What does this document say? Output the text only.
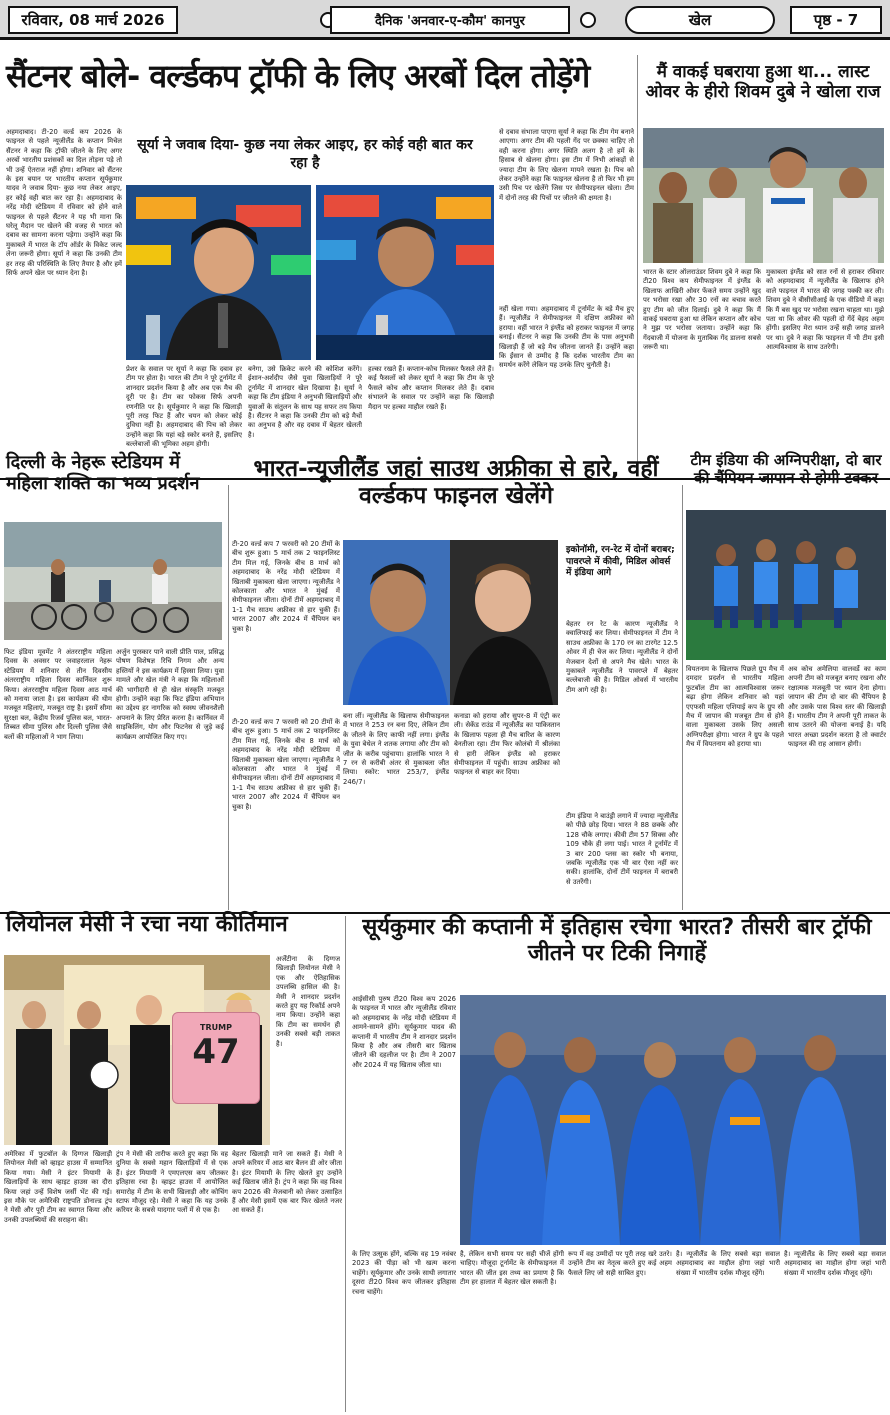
रविवार, 08 मार्च 2026	दैनिक 'अनवार-ए-कौम' कानपुर	खेल	पृष्ठ - 7
सैंटनर बोले- वर्ल्डकप ट्रॉफी के लिए अरबों दिल तोड़ेंगे
सूर्या ने जवाब दिया- कुछ नया लेकर आइए, हर कोई वही बात कर रहा है
अहमदाबाद। टी-20 वर्ल्ड कप 2026 के फाइनल से पहले न्यूजीलैंड के कप्तान मिचेल सैंटनर ने कहा कि ट्रॉफी जीतने के लिए अगर अरबों भारतीय प्रशंसकों का दिल तोड़ना पड़े तो भी उन्हें ऐतराज नहीं होगा। शनिवार को सैंटनर के इस बयान पर भारतीय कप्तान सूर्यकुमार यादव ने जवाब दिया- कुछ नया लेकर आइए, हर कोई वही बात कर रहा है। अहमदाबाद के नरेंद्र मोदी स्टेडियम में रविवार को होने वाले फाइनल से पहले सैंटनर ने यह भी माना कि घरेलू मैदान पर खेलने की वजह से भारत को दबाव का सामना करना पड़ेगा। उन्होंने कहा कि मुकाबले में भारत के टॉप ऑर्डर के विकेट जल्द लेना जरूरी होगा। सूर्या ने कहा कि उनकी टीम हर तरह की परिस्थिति के लिए तैयार है और हमें सिर्फ अपने खेल पर ध्यान देना है।
प्रेशर के सवाल पर सूर्या ने कहा कि दबाव हर टीम पर होता है। भारत की टीम ने पूरे टूर्नामेंट में शानदार प्रदर्शन किया है और अब एक मैच की दूरी पर है। टीम का फोकस सिर्फ अपनी रणनीति पर है। सूर्यकुमार ने कहा कि खिलाड़ी पूरी तरह फिट हैं और चयन को लेकर कोई दुविधा नहीं है। अहमदाबाद की पिच को लेकर उन्होंने कहा कि यहां बड़े स्कोर बनते हैं, इसलिए बल्लेबाजों की भूमिका अहम होगी।
बनेगा, उसे क्रिकेट करने की कोशिश करेंगे। ईशान-अर्शदीप जैसे युवा खिलाड़ियों ने पूरे टूर्नामेंट में शानदार खेल दिखाया है। सूर्या ने कहा कि टीम इंडिया ने अनुभवी खिलाड़ियों और युवाओं के संतुलन के साथ यह सफर तय किया है। सैंटनर ने कहा कि उनकी टीम को बड़े मैचों का अनुभव है और वह दबाव में बेहतर खेलती है।
हल्का रखते हैं। कप्तान-कोच मिलकर फैसले लेते हैं। कई फैसलों को लेकर सूर्या ने कहा कि टीम के पूरे फैसले कोच और कप्तान मिलकर लेते हैं। दबाव संभालने के सवाल पर उन्होंने कहा कि खिलाड़ी मैदान पर हल्का माहौल रखते हैं।
से दबाव संभाला पाएगा सूर्या ने कहा कि टीम गेम बनाने आएगा। अगर टीम की पहली गेंद पर छक्का चाहिए तो वही करना होगा। अगर स्थिति अलग है तो हमें के हिसाब से खेलना होगा। इस टीम में निभी आंकड़ों से ज्यादा टीम के लिए खेलना मायने रखता है। पिच को लेकर उन्होंने कहा कि फाइनल खेलना है तो फिर भी हम उसी पिच पर खेलेंगे जिस पर सेमीफाइनल खेला। टीम में दोनों तरह की पिचों पर जीतने की क्षमता है।
नहीं खेला गया। अहमदाबाद में टूर्नामेंट के बड़े मैच हुए हैं। न्यूजीलैंड ने सेमीफाइनल में दक्षिण अफ्रीका को हराया। वहीं भारत ने इंग्लैंड को हराकर फाइनल में जगह बनाई। सैंटनर ने कहा कि उनकी टीम के पास अनुभवी खिलाड़ी हैं जो बड़े मैच जीतना जानते हैं। उन्होंने कहा कि ईंसान से उम्मीद है कि दर्शक भारतीय टीम का समर्थन करेंगे लेकिन यह उनके लिए चुनौती है।
मैं वाकई घबराया हुआ था... लास्ट ओवर के हीरो शिवम दुबे ने खोला राज
भारत के स्टार ऑलराउंडर शिवम दुबे ने कहा कि टी20 विश्व कप सेमीफाइनल में इंग्लैंड के खिलाफ आखिरी ओवर फेंकते समय उन्होंने खुद पर भरोसा रखा और 30 रनों का बचाव करते हुए टीम को जीत दिलाई। दुबे ने कहा कि मैं वाकई घबराया हुआ था लेकिन कप्तान और कोच ने मुझ पर भरोसा जताया। उन्होंने कहा कि गेंदबाजी में योजना के मुताबिक गेंद डालना सबसे जरूरी था।
मुकाबला इंग्लैंड को सात रनों से हराकर रविवार को अहमदाबाद में न्यूजीलैंड के खिलाफ होने वाले फाइनल में भारत की जगह पक्की कर ली। शिवम दुबे ने बीसीसीआई के एक वीडियो में कहा कि मैं बस खुद पर भरोसा रखना चाहता था। मुझे पता था कि ओवर की पहली दो गेंदें बेहद अहम होंगी। इसलिए मेरा ध्यान उन्हें सही जगह डालने पर था। दुबे ने कहा कि फाइनल में भी टीम इसी आत्मविश्वास के साथ उतरेगी।
दिल्ली के नेहरू स्टेडियम में महिला शक्ति का भव्य प्रदर्शन
फिट इंडिया मूवमेंट ने अंतरराष्ट्रीय महिला दिवस के अवसर पर जवाहरलाल नेहरू स्टेडियम में शनिवार से तीन दिवसीय अंतरराष्ट्रीय महिला दिवस कार्निवल शुरू किया। अंतरराष्ट्रीय महिला दिवस आठ मार्च को मनाया जाता है। इस कार्यक्रम की थीम मजबूत महिलाएं, मजबूत राष्ट्र है। इसमें सीमा सुरक्षा बल, केंद्रीय रिजर्व पुलिस बल, भारत-तिब्बत सीमा पुलिस और दिल्ली पुलिस जैसे बलों की महिलाओं ने भाग लिया।
अर्जुन पुरस्कार पाने वाली प्रीति पाल, प्रसिद्ध पोषण विशेषज्ञ रिचि निगम और अन्य हस्तियों ने इस कार्यक्रम में हिस्सा लिया। युवा मामले और खेल मंत्री ने कहा कि महिलाओं की भागीदारी से ही खेल संस्कृति मजबूत होगी। उन्होंने कहा कि फिट इंडिया अभियान का उद्देश्य हर नागरिक को स्वस्थ जीवनशैली अपनाने के लिए प्रेरित करना है। कार्निवल में साइकिलिंग, योग और फिटनेस से जुड़े कई कार्यक्रम आयोजित किए गए।
भारत-न्यूजीलैंड जहां साउथ अफ्रीका से हारे, वहीं वर्ल्डकप फाइनल खेलेंगे
टी-20 वर्ल्ड कप 7 फरवरी को 20 टीमों के बीच शुरू हुआ। 5 मार्च तक 2 फाइनलिस्ट टीम मिल गई, जिनके बीच 8 मार्च को अहमदाबाद के नरेंद्र मोदी स्टेडियम में खिताबी मुकाबला खेला जाएगा। न्यूजीलैंड ने कोलकाता और भारत ने मुंबई में सेमीफाइनल जीता। दोनों टीमें अहमदाबाद में 1-1 मैच साउथ अफ्रीका से हार चुकी हैं। भारत 2007 और 2024 में चैंपियन बन चुका है।
बना लीं। न्यूजीलैंड के खिलाफ सेमीफाइनल में भारत ने 253 रन बना दिए, लेकिन टीम के जीतने के लिए काफी नहीं लगा। इंग्लैंड के युवा बेथेल ने शतक लगाया और टीम को जीत के करीब पहुंचाया। हालांकि भारत ने 7 रन से करीबी अंतर से मुकाबला जीत लिया। स्कोर: भारत 253/7, इंग्लैंड 246/7।
कनाडा को हराया और सुपर-8 में एंट्री कर ली। सेकेंड राउंड में न्यूजीलैंड का पाकिस्तान के खिलाफ पहला ही मैच बारिश के कारण बेनतीजा रहा। टीम फिर कोलंबो में श्रीलंका से हारी लेकिन इंग्लैंड को हराकर सेमीफाइनल में पहुंची। साउथ अफ्रीका को फाइनल से बाहर कर दिया।
टी-20 वर्ल्ड कप 7 फरवरी को 20 टीमों के बीच शुरू हुआ। 5 मार्च तक 2 फाइनलिस्ट टीम मिल गई, जिनके बीच 8 मार्च को अहमदाबाद के नरेंद्र मोदी स्टेडियम में खिताबी मुकाबला खेला जाएगा। न्यूजीलैंड ने कोलकाता और भारत ने मुंबई में सेमीफाइनल जीता। दोनों टीमें अहमदाबाद में 1-1 मैच साउथ अफ्रीका से हार चुकी हैं। भारत 2007 और 2024 में चैंपियन बन चुका है।
इकोनॉमी, रन-रेट में दोनों बराबर; पावरप्ले में कीवी, मिडिल ओवर्स में इंडिया आगे
बेहतर रन रेट के कारण न्यूजीलैंड ने क्वालिफाई कर लिया। सेमीफाइनल में टीम ने साउथ अफ्रीका के 170 रन का टारगेट 12.5 ओवर में ही चेज कर लिया। न्यूजीलैंड ने दोनों मेजबान देशों से अपने मैच खेले। भारत के मुकाबले न्यूजीलैंड ने पावरप्ले में बेहतर बल्लेबाजी की है। मिडिल ओवर्स में भारतीय टीम आगे रही है।
टीम इंडिया ने बाउंड्री लगाने में ज्यादा न्यूजीलैंड को पीछे छोड़ दिया। भारत ने 88 छक्के और 128 चौके लगाए। कीवी टीम 57 सिक्स और 109 चौके ही लगा पाई। भारत ने टूर्नामेंट में 3 बार 200 प्लस का स्कोर भी बनाया, जबकि न्यूजीलैंड एक भी बार ऐसा नहीं कर सकी। हालांकि, दोनों टीमें फाइनल में बराबरी से उतरेंगी।
टीम इंडिया की अग्निपरीक्षा, दो बार की चैंपियन जापान से होगी टक्कर
वियतनाम के खिलाफ पिछले ग्रुप मैच में दमदार प्रदर्शन से भारतीय महिला फुटबॉल टीम का आत्मविश्वास जरूर बढ़ा होगा लेकिन शनिवार को यहां एएफसी महिला एशियाई कप के ग्रुप सी मैच में जापान की मजबूत टीम से होने वाला मुकाबला उसके लिए असली अग्निपरीक्षा होगा। भारत ने ग्रुप के पहले मैच में वियतनाम को हराया था।
अब कोच अमेलिया वालवर्डे का काम अपनी टीम को मजबूत बनाए रखना और रक्षात्मक मजबूती पर ध्यान देना होगा। जापान की टीम दो बार की चैंपियन है और उसके पास विश्व स्तर की खिलाड़ी हैं। भारतीय टीम ने अपनी पूरी ताकत के साथ उतरने की योजना बनाई है। यदि भारत अच्छा प्रदर्शन करता है तो क्वार्टर फाइनल की राह आसान होगी।
लियोनल मेसी ने रचा नया कीर्तिमान
TRUMP
47
अर्जेंटीना के दिग्गज खिलाड़ी लियोनल मेसी ने एक और ऐतिहासिक उपलब्धि हासिल की है। मेसी ने शानदार प्रदर्शन करते हुए यह रिकॉर्ड अपने नाम किया। उन्होंने कहा कि टीम का समर्थन ही उनकी सबसे बड़ी ताकत है।
अमेरिका में फुटबॉल के दिग्गज खिलाड़ी लियोनल मेसी को व्हाइट हाउस में सम्मानित किया गया। मेसी ने इंटर मियामी के खिलाड़ियों के साथ व्हाइट हाउस का दौरा किया जहां उन्हें विशेष जर्सी भेंट की गई। इस मौके पर अमेरिकी राष्ट्रपति डोनाल्ड ट्रंप ने मेसी और पूरी टीम का स्वागत किया और उनकी उपलब्धियों की सराहना की।
ट्रंप ने मेसी की तारीफ करते हुए कहा कि वह दुनिया के सबसे महान खिलाड़ियों में से एक हैं। इंटर मियामी ने एमएलएस कप जीतकर इतिहास रचा है। व्हाइट हाउस में आयोजित समारोह में टीम के सभी खिलाड़ी और कोचिंग स्टाफ मौजूद रहे। मेसी ने कहा कि यह उनके करियर के सबसे यादगार पलों में से एक है।
बेहतर खिलाड़ी माने जा सकते हैं। मेसी ने अपने करियर में आठ बार बैलन डी ओर जीता है। इंटर मियामी के लिए खेलते हुए उन्होंने कई खिताब जीते हैं। ट्रंप ने कहा कि वह विश्व कप 2026 की मेजबानी को लेकर उत्साहित हैं और मेसी इसमें एक बार फिर खेलते नजर आ सकते हैं।
सूर्यकुमार की कप्तानी में इतिहास रचेगा भारत? तीसरी बार ट्रॉफी जीतने पर टिकी निगाहें
आईसीसी पुरुष टी20 विश्व कप 2026 के फाइनल में भारत और न्यूजीलैंड रविवार को अहमदाबाद के नरेंद्र मोदी स्टेडियम में आमने-सामने होंगे। सूर्यकुमार यादव की कप्तानी में भारतीय टीम ने शानदार प्रदर्शन किया है और अब तीसरी बार खिताब जीतने की दहलीज पर है। टीम ने 2007 और 2024 में यह खिताब जीता था।
के लिए उत्सुक होंगे, बल्कि वह 19 नवंबर 2023 की पीड़ा को भी खत्म करना चाहेंगे। सूर्यकुमार और उनके साथी लगातार दूसरा टी20 विश्व कप जीतकर इतिहास रचना चाहेंगे।
है, लेकिन सभी समय पर सही चीजें होंगी चाहिए। मौजूदा टूर्नामेंट के सेमीफाइनल में भारत की जीत इस तथ्य का प्रमाण है कि टीम हर हालात में बेहतर खेल सकती है।
रूप में वह उम्मीदों पर पूरी तरह खरे उतरे। उन्होंने टीम का नेतृत्व करते हुए कई अहम फैसले लिए जो सही साबित हुए।
है। न्यूजीलैंड के लिए सबसे बड़ा सवाल अहमदाबाद का माहौल होगा जहां भारी संख्या में भारतीय दर्शक मौजूद रहेंगे।
है। न्यूजीलैंड के लिए सबसे बड़ा सवाल अहमदाबाद का माहौल होगा जहां भारी संख्या में भारतीय दर्शक मौजूद रहेंगे।
